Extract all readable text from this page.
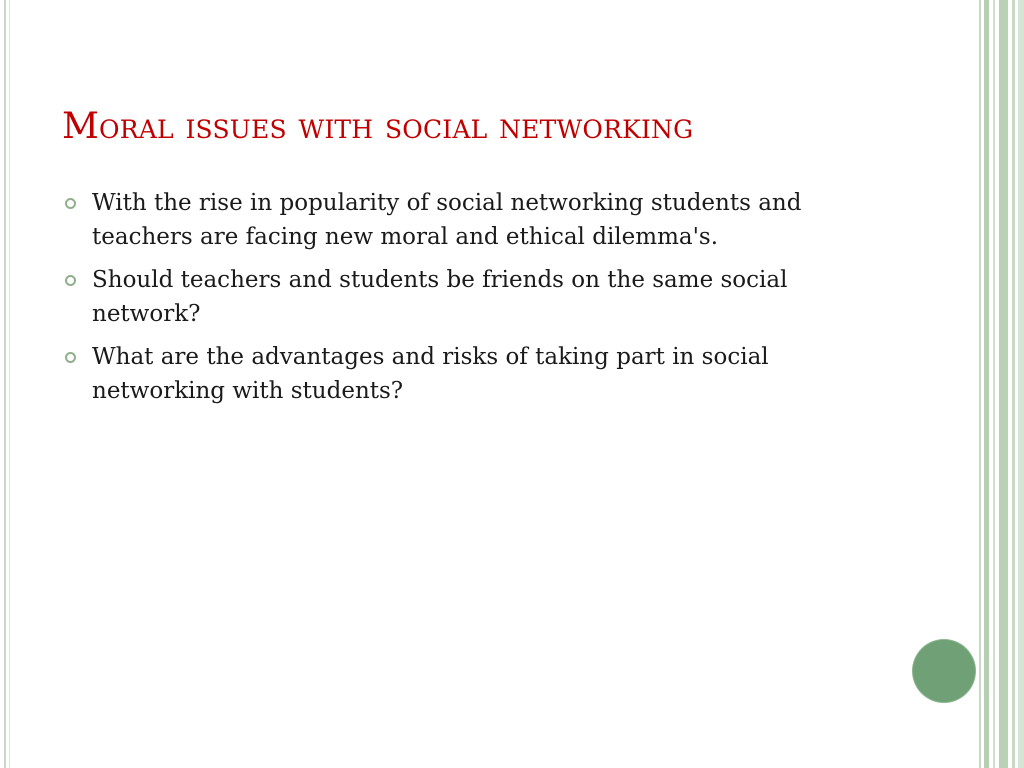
Moral issues with social networking
With the rise in popularity of social networking students and teachers are facing new moral and ethical dilemma's.
Should teachers and students be friends on the same social network?
What are the advantages and risks of taking part in social networking with students?
